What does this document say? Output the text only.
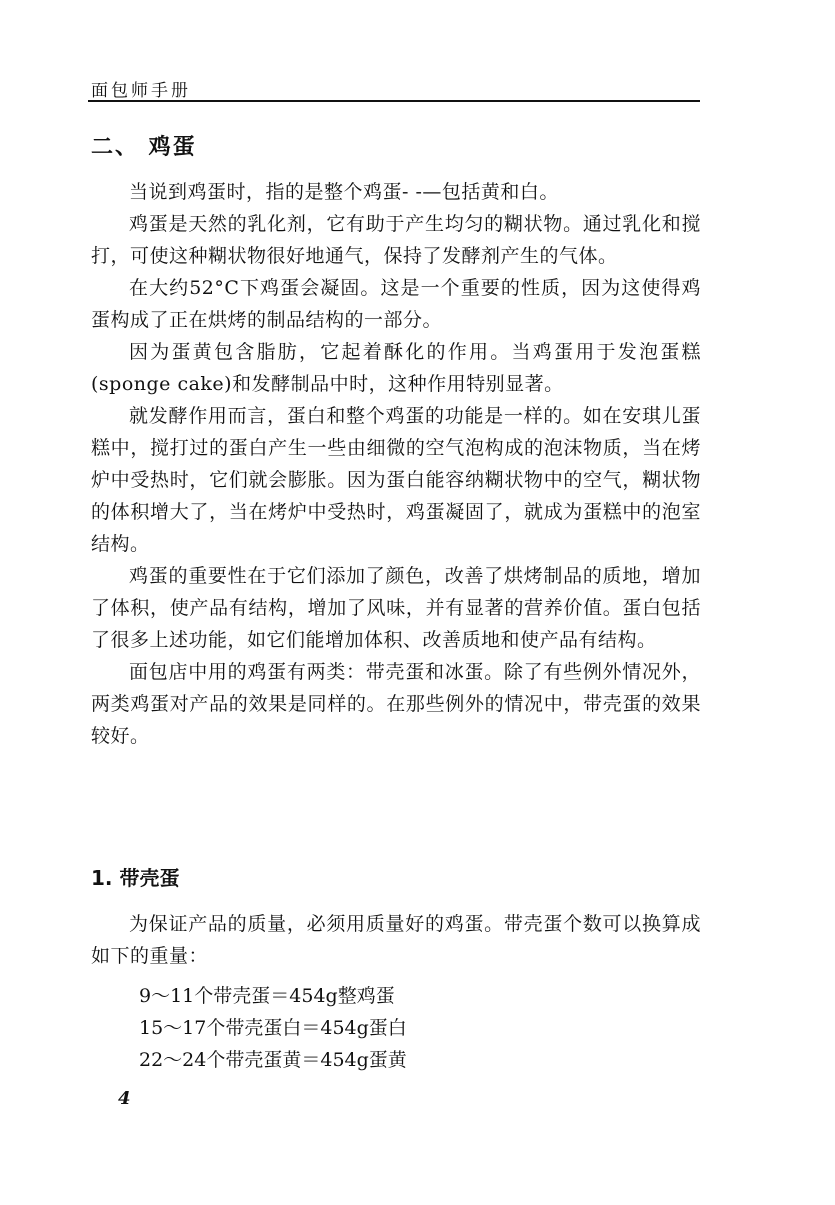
面包师手册
二、 鸡蛋

当说到鸡蛋时，指的是整个鸡蛋- -—包括黄和白。

鸡蛋是天然的乳化剂，它有助于产生均匀的糊状物。通过乳化和搅打，可使这种糊状物很好地通气，保持了发酵剂产生的气体。

在大约52°C下鸡蛋会凝固。这是一个重要的性质，因为这使得鸡蛋构成了正在烘烤的制品结构的一部分。

因为蛋黄包含脂肪，它起着酥化的作用。当鸡蛋用于发泡蛋糕(sponge cake)和发酵制品中时，这种作用特别显著。

就发酵作用而言，蛋白和整个鸡蛋的功能是一样的。如在安琪儿蛋糕中，搅打过的蛋白产生一些由细微的空气泡构成的泡沫物质，当在烤炉中受热时，它们就会膨胀。因为蛋白能容纳糊状物中的空气，糊状物的体积增大了，当在烤炉中受热时，鸡蛋凝固了，就成为蛋糕中的泡室结构。

鸡蛋的重要性在于它们添加了颜色，改善了烘烤制品的质地，增加了体积，使产品有结构，增加了风味，并有显著的营养价值。蛋白包括了很多上述功能，如它们能增加体积、改善质地和使产品有结构。

面包店中用的鸡蛋有两类：带壳蛋和冰蛋。除了有些例外情况外，两类鸡蛋对产品的效果是同样的。在那些例外的情况中，带壳蛋的效果较好。

1. 带壳蛋

为保证产品的质量，必须用质量好的鸡蛋。带壳蛋个数可以换算成如下的重量：

9～11个带壳蛋＝454g整鸡蛋
15～17个带壳蛋白＝454g蛋白
22～24个带壳蛋黄＝454g蛋黄
4
